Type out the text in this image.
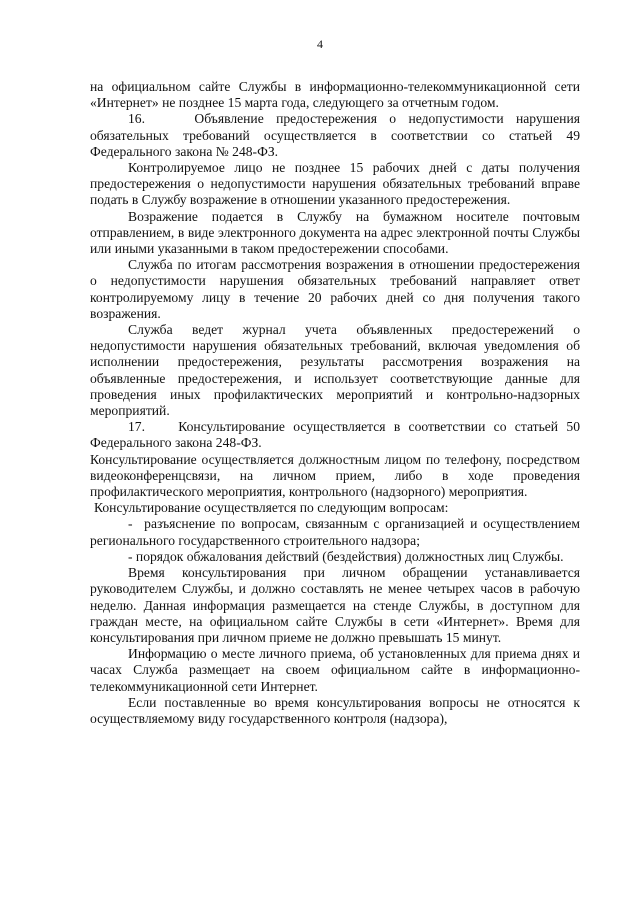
4

на официальном сайте Службы в информационно-телекоммуникационной сети «Интернет» не позднее 15 марта года, следующего за отчетным годом.

16.    Объявление предостережения о недопустимости нарушения обязательных требований осуществляется в соответствии со статьей 49 Федерального закона № 248-ФЗ.

Контролируемое лицо не позднее 15 рабочих дней с даты получения предостережения о недопустимости нарушения обязательных требований вправе подать в Службу возражение в отношении указанного предостережения.

Возражение подается в Службу на бумажном носителе почтовым отправлением, в виде электронного документа на адрес электронной почты Службы или иными указанными в таком предостережении способами.

Служба по итогам рассмотрения возражения в отношении предостережения о недопустимости нарушения обязательных требований направляет ответ контролируемому лицу в течение 20 рабочих дней со дня получения такого возражения.

Служба ведет журнал учета объявленных предостережений о недопустимости нарушения обязательных требований, включая уведомления об исполнении предостережения, результаты рассмотрения возражения на объявленные предостережения, и использует соответствующие данные для проведения иных профилактических мероприятий и контрольно-надзорных мероприятий.

17.    Консультирование осуществляется в соответствии со статьей 50 Федерального закона 248-ФЗ.

Консультирование осуществляется должностным лицом по телефону, посредством видеоконференцсвязи, на личном прием, либо в ходе проведения профилактического мероприятия, контрольного (надзорного) мероприятия.

Консультирование осуществляется по следующим вопросам:

-  разъяснение по вопросам, связанным с организацией и осуществлением регионального государственного строительного надзора;

- порядок обжалования действий (бездействия) должностных лиц Службы.

Время консультирования при личном обращении устанавливается руководителем Службы, и должно составлять не менее четырех часов в рабочую неделю. Данная информация размещается на стенде Службы, в доступном для граждан месте, на официальном сайте Службы в сети «Интернет». Время для консультирования при личном приеме не должно превышать 15 минут.

Информацию о месте личного приема, об установленных для приема днях и часах Служба размещает на своем официальном сайте в информационно-телекоммуникационной сети Интернет.

Если поставленные во время консультирования вопросы не относятся к осуществляемому виду государственного контроля (надзора),
